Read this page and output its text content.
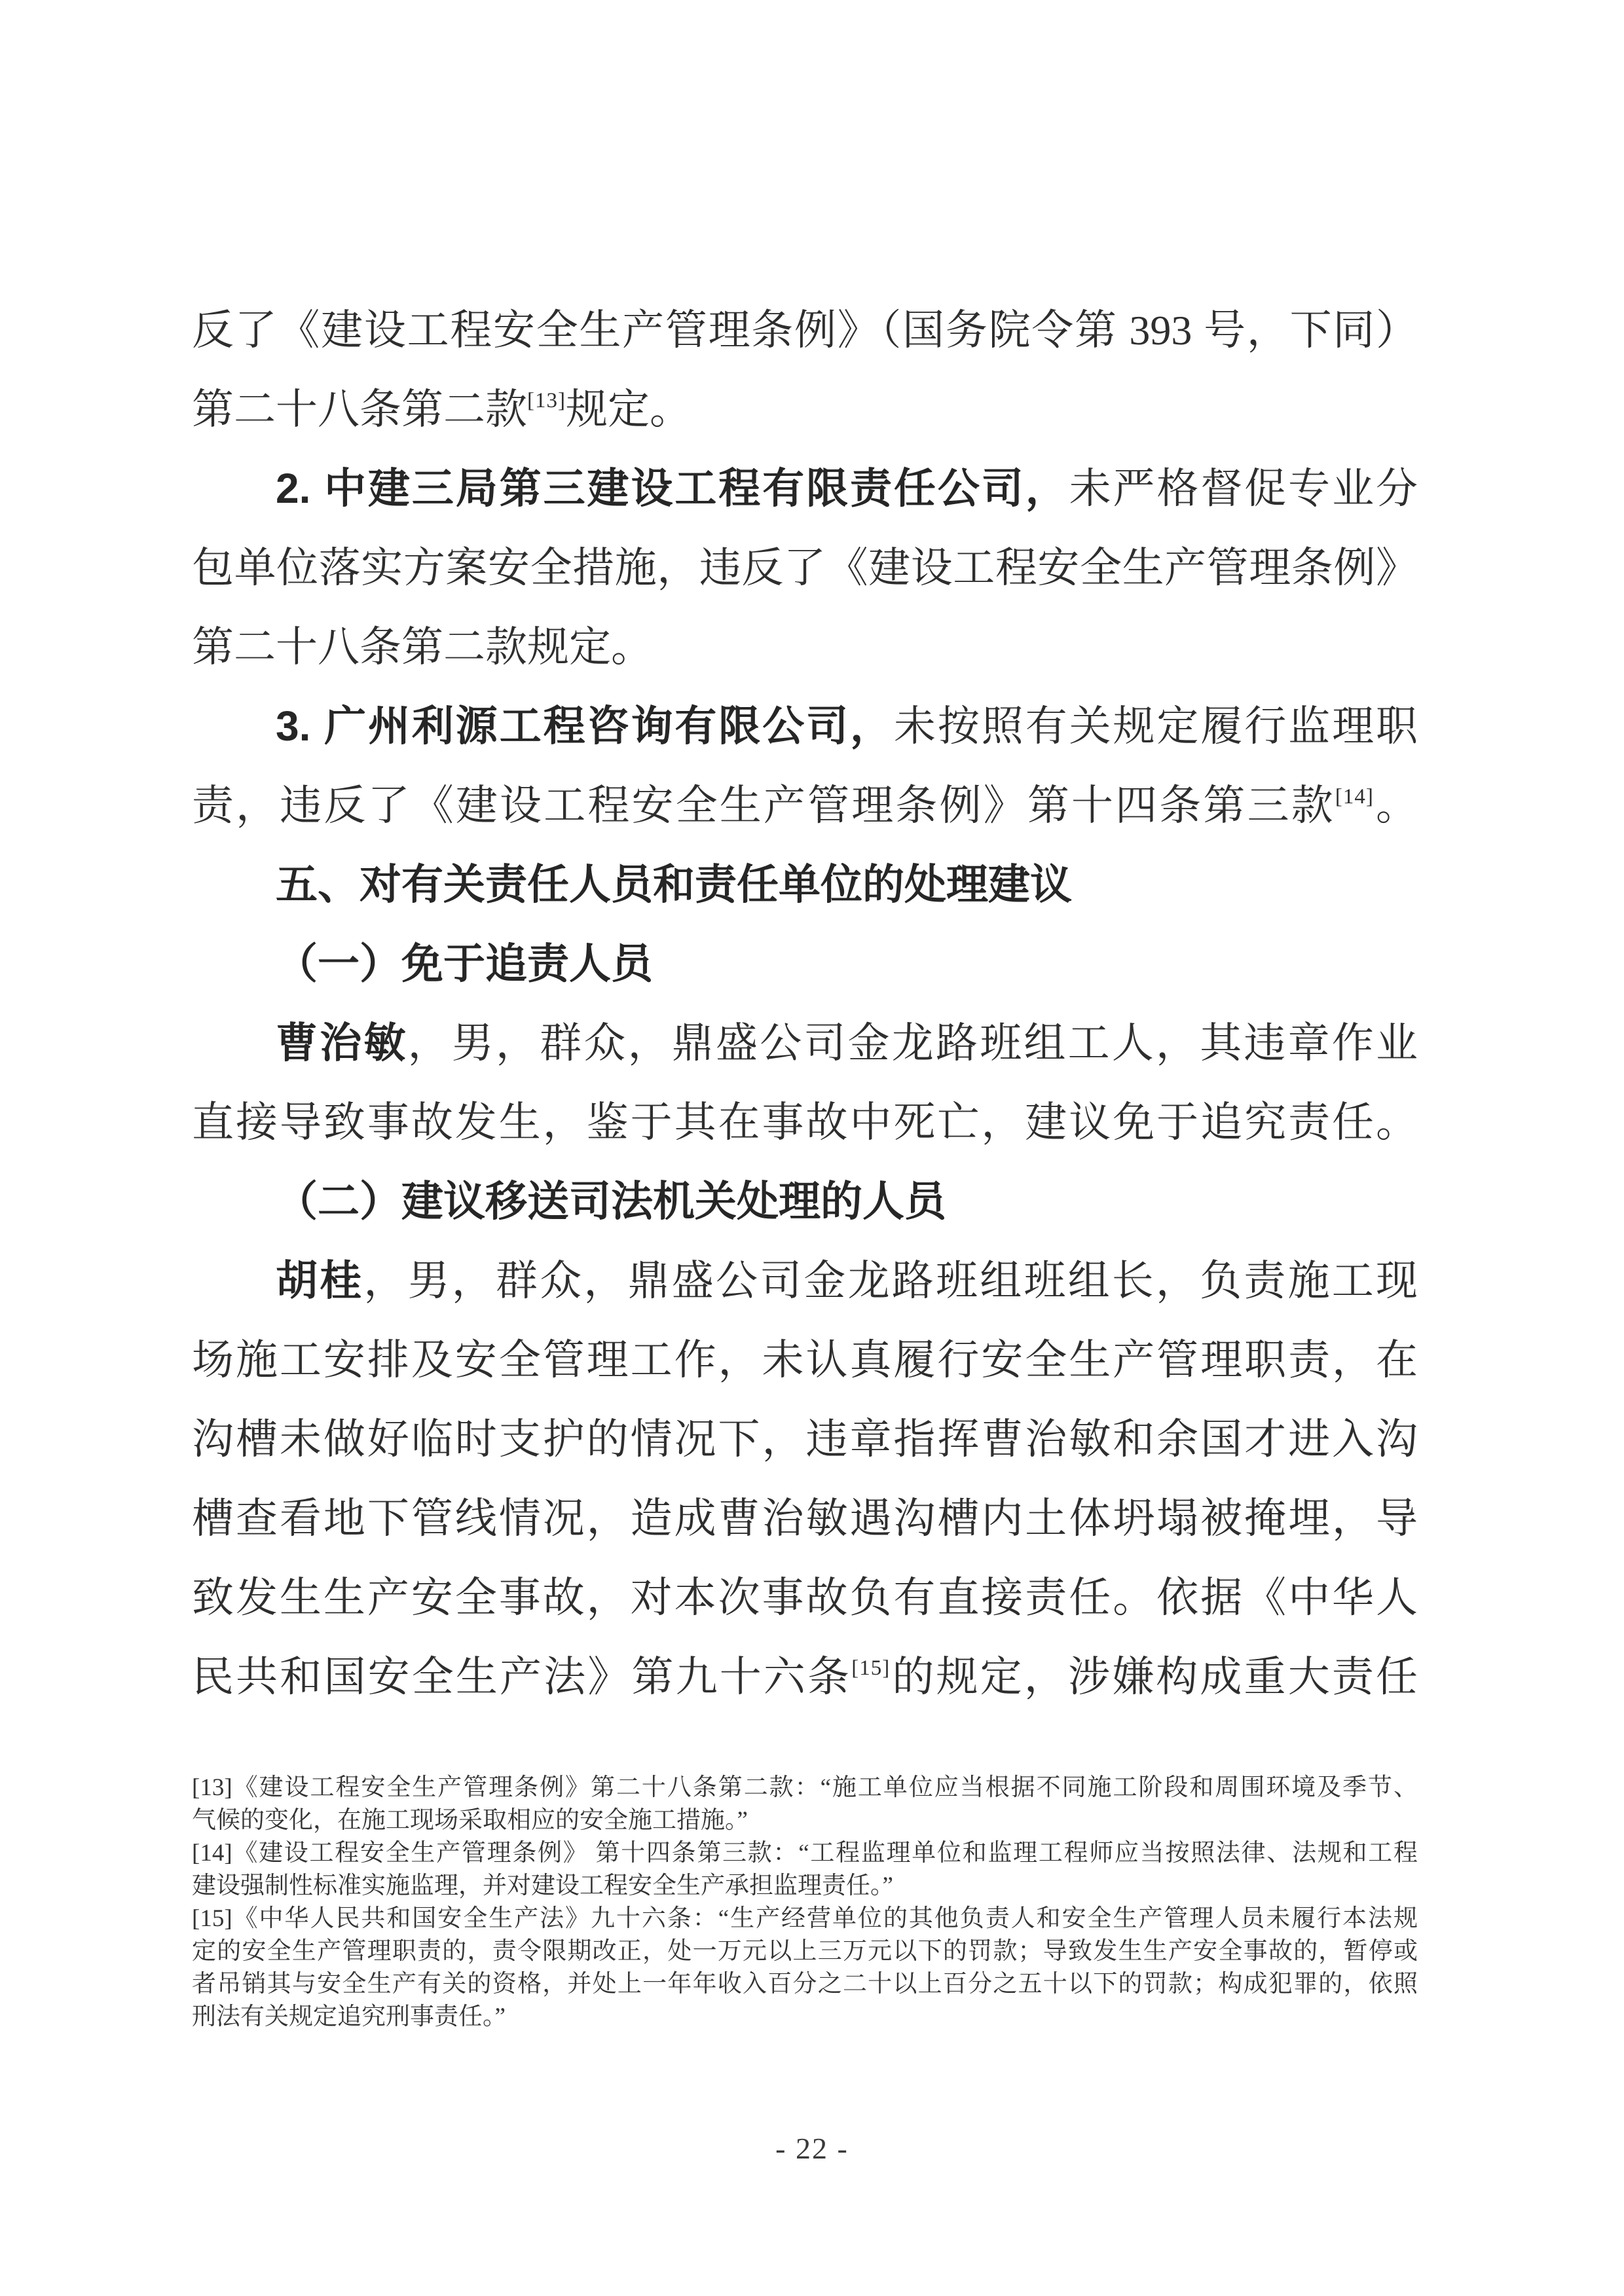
反了《建设工程安全生产管理条例》（国务院令第 393 号，下同）
第二十八条第二款[13]规定。
2. 中建三局第三建设工程有限责任公司，未严格督促专业分
包单位落实方案安全措施，违反了《建设工程安全生产管理条例》
第二十八条第二款规定。
3. 广州利源工程咨询有限公司，未按照有关规定履行监理职
责，违反了《建设工程安全生产管理条例》第十四条第三款[14]。
五、对有关责任人员和责任单位的处理建议
（一）免于追责人员
曹治敏，男，群众，鼎盛公司金龙路班组工人，其违章作业
直接导致事故发生，鉴于其在事故中死亡，建议免于追究责任。
（二）建议移送司法机关处理的人员
胡桂，男，群众，鼎盛公司金龙路班组班组长，负责施工现
场施工安排及安全管理工作，未认真履行安全生产管理职责，在
沟槽未做好临时支护的情况下，违章指挥曹治敏和余国才进入沟
槽查看地下管线情况，造成曹治敏遇沟槽内土体坍塌被掩埋，导
致发生生产安全事故，对本次事故负有直接责任。依据《中华人
民共和国安全生产法》第九十六条[15]的规定，涉嫌构成重大责任
[13]《建设工程安全生产管理条例》第二十八条第二款：“施工单位应当根据不同施工阶段和周围环境及季节、
气候的变化，在施工现场采取相应的安全施工措施。”
[14]《建设工程安全生产管理条例》 第十四条第三款：“工程监理单位和监理工程师应当按照法律、法规和工程
建设强制性标准实施监理，并对建设工程安全生产承担监理责任。”
[15]《中华人民共和国安全生产法》九十六条：“生产经营单位的其他负责人和安全生产管理人员未履行本法规
定的安全生产管理职责的，责令限期改正，处一万元以上三万元以下的罚款；导致发生生产安全事故的，暂停或
者吊销其与安全生产有关的资格，并处上一年年收入百分之二十以上百分之五十以下的罚款；构成犯罪的，依照
刑法有关规定追究刑事责任。”
- 22 -
